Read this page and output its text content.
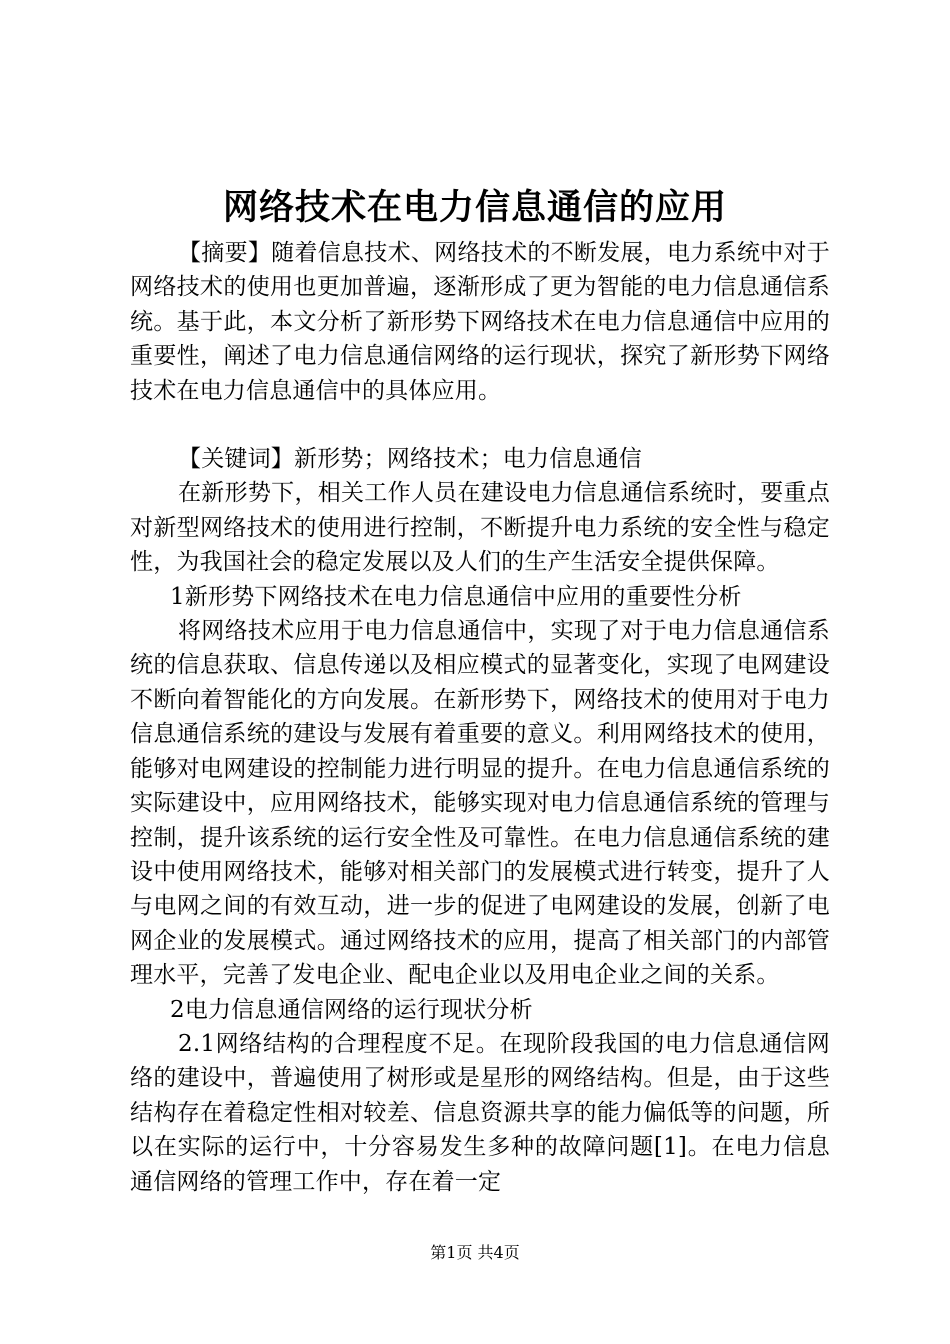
网络技术在电力信息通信的应用

【摘要】随着信息技术、网络技术的不断发展，电力系统中对于网络技术的使用也更加普遍，逐渐形成了更为智能的电力信息通信系统。基于此，本文分析了新形势下网络技术在电力信息通信中应用的重要性，阐述了电力信息通信网络的运行现状，探究了新形势下网络技术在电力信息通信中的具体应用。

【关键词】新形势；网络技术；电力信息通信

在新形势下，相关工作人员在建设电力信息通信系统时，要重点对新型网络技术的使用进行控制，不断提升电力系统的安全性与稳定性，为我国社会的稳定发展以及人们的生产生活安全提供保障。

1新形势下网络技术在电力信息通信中应用的重要性分析

将网络技术应用于电力信息通信中，实现了对于电力信息通信系统的信息获取、信息传递以及相应模式的显著变化，实现了电网建设不断向着智能化的方向发展。在新形势下，网络技术的使用对于电力信息通信系统的建设与发展有着重要的意义。利用网络技术的使用，能够对电网建设的控制能力进行明显的提升。在电力信息通信系统的实际建设中，应用网络技术，能够实现对电力信息通信系统的管理与控制，提升该系统的运行安全性及可靠性。在电力信息通信系统的建设中使用网络技术，能够对相关部门的发展模式进行转变，提升了人与电网之间的有效互动，进一步的促进了电网建设的发展，创新了电网企业的发展模式。通过网络技术的应用，提高了相关部门的内部管理水平，完善了发电企业、配电企业以及用电企业之间的关系。

2电力信息通信网络的运行现状分析

2.1网络结构的合理程度不足。在现阶段我国的电力信息通信网络的建设中，普遍使用了树形或是星形的网络结构。但是，由于这些结构存在着稳定性相对较差、信息资源共享的能力偏低等的问题，所以在实际的运行中，十分容易发生多种的故障问题[1]。在电力信息通信网络的管理工作中，存在着一定

第1页 共4页
